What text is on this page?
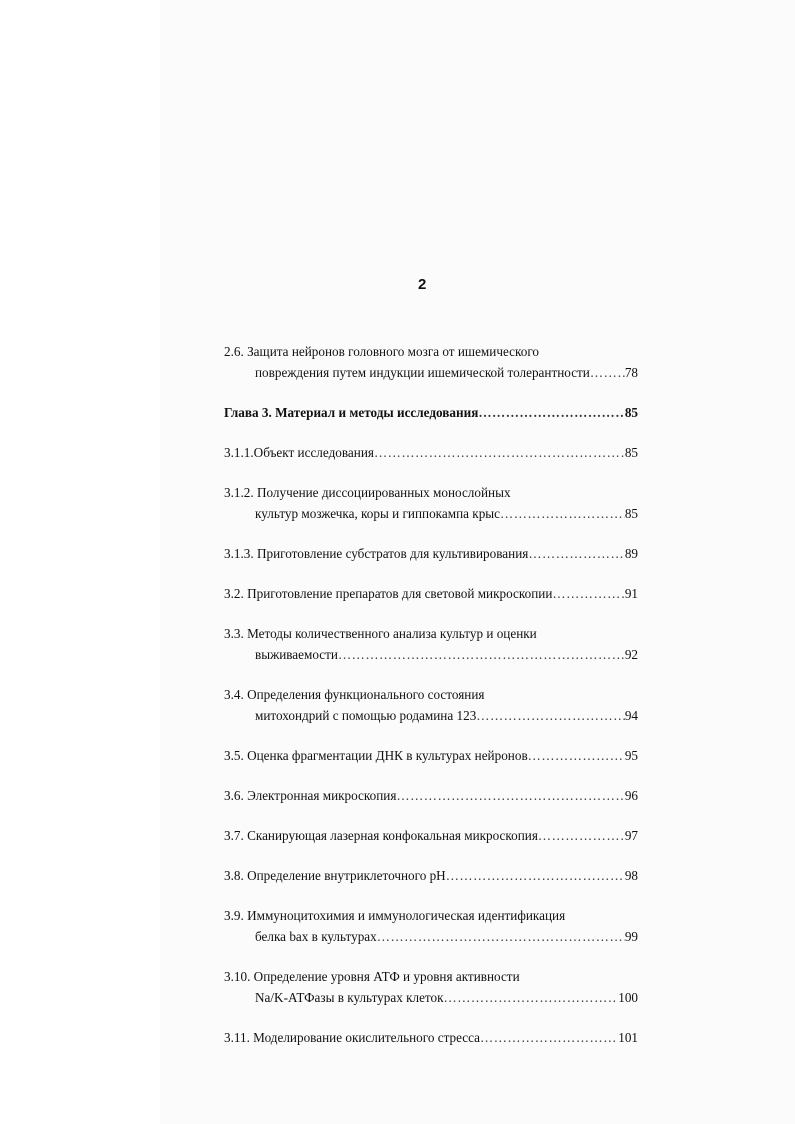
2
2.6. Защита нейронов головного мозга от ишемического
повреждения путем индукции ишемической толерантности ………………………………………………………………………………………………………………………………………………	78
Глава 3. Материал и методы исследования ………………………………………………………………………………………………………………………………………………	85
3.1.1.Объект исследования ………………………………………………………………………………………………………………………………………………	85
3.1.2. Получение диссоциированных монослойных
культур мозжечка, коры и гиппокампа крыс ………………………………………………………………………………………………………………………………………………	85
3.1.3. Приготовление субстратов для культивирования ………………………………………………………………………………………………………………………………………………	89
3.2. Приготовление препаратов для световой микроскопии ………………………………………………………………………………………………………………………………………………	91
3.3. Методы количественного анализа культур и оценки
выживаемости ………………………………………………………………………………………………………………………………………………	92
3.4. Определения функционального состояния
митохондрий с помощью родамина 123 ………………………………………………………………………………………………………………………………………………	94
3.5. Оценка фрагментации ДНК в культурах нейронов ………………………………………………………………………………………………………………………………………………	95
3.6. Электронная микроскопия ………………………………………………………………………………………………………………………………………………	96
3.7. Сканирующая лазерная конфокальная микроскопия ………………………………………………………………………………………………………………………………………………	97
3.8. Определение внутриклеточного pH ………………………………………………………………………………………………………………………………………………	98
3.9. Иммуноцитохимия и иммунологическая идентификация
белка bax в культурах ………………………………………………………………………………………………………………………………………………	99
3.10. Определение уровня АТФ и уровня активности
Na/K-АТФазы в культурах клеток ………………………………………………………………………………………………………………………………………………	100
3.11. Моделирование окислительного стресса ………………………………………………………………………………………………………………………………………………	101
